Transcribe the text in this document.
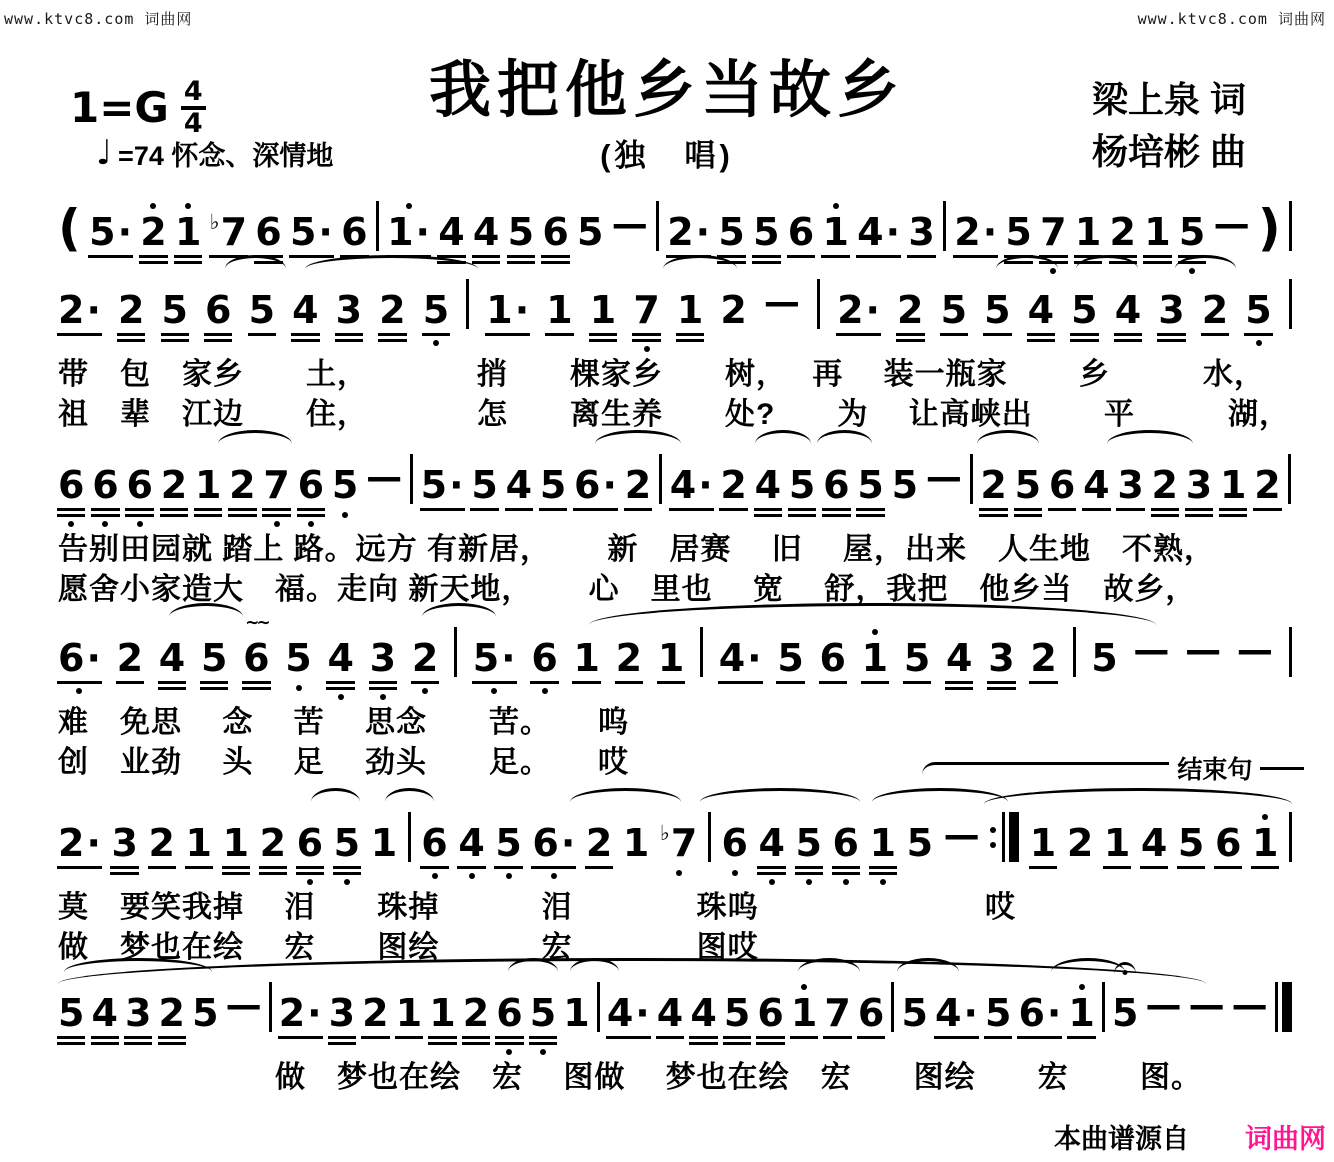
www.ktvc8.com 词曲网	www.ktvc8.com 词曲网
我把他乡当故乡
(独　唱)
梁上泉 词
杨培彬 曲
$1=G \frac{4}{4}$
♩ =74 怀念、深情地
( 5· 2 1 ♭7 6 5· 6 1· 4 4 5 6 5 — 2· 5 5 6 1 4· 3 2· 5 7 1 2 1 5 — )
2· 2 5 6 5 4 3 2 5 1· 1 1 7 1 2 — 2· 2 5 5 4 5 4 3 2 5
带　包　家乡　　土，　　　　捎　　棵家乡　　树，　 再　 装一瓶家　　 乡　　　水，
祖　辈　江边　　住，　　　　怎　　离生养　　处?　　为　 让高峡出　　 平　　　湖，
6 6 6 2 1 2 7 6 5 — 5· 5 4 5 6· 2 4· 2 4 5 6 5 5 — 2 5 6 4 3 2 3 1 2
告别田园就 踏上 路。远方 有新居，　　 新　居赛　 旧　 屋，出来　人生地　不熟，
愿舍小家造大　福。走向 新天地，　　 心　里也　 宽　 舒，我把　他乡当　故乡，
6· 2 4 5 6
∼∼
5 4 3 2 5· 6 1 2 1 4· 5 6 1 5 4 3 2 5 — — —
难　免思　 念　 苦　 思念　　苦。　　呜
创　业劲　 头　 足　 劲头　　足。　　哎	结束句
2· 3 2 1 1 2 6 5 1 6 4 5 6· 2 1 ♭7 6 4 5 6 1 5 — 1 2 1 4 5 6 1
莫　要笑我掉　 泪　　珠掉　　　 泪　　　　珠呜　　　　　　　 哎
做　梦也在绘　 宏　　图绘　　　 宏　　　　图哎
5 4 3 2 5 — 2· 3 2 1 1 2 6 5 1 4· 4 4 5 6 1 7 6 5 4· 5 6· 1 5 — — —
　　　　　　　做　梦也在绘　宏　 图做　 梦也在绘　宏　　图绘　　宏　　 图。
本曲谱源自 词曲网
